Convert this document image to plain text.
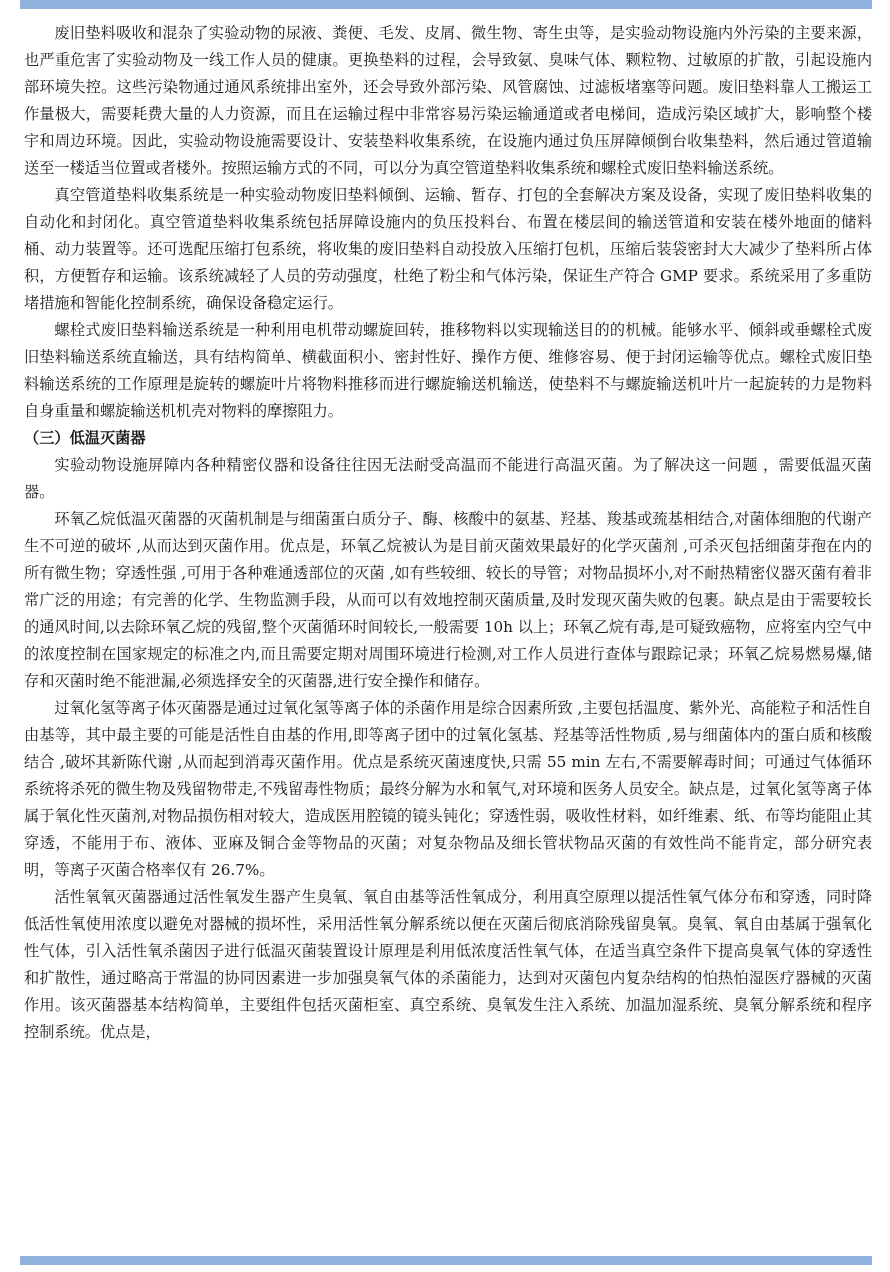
废旧垫料吸收和混杂了实验动物的尿液、粪便、毛发、皮屑、微生物、寄生虫等，是实验动物设施内外污染的主要来源，也严重危害了实验动物及一线工作人员的健康。更换垫料的过程，会导致氨、臭味气体、颗粒物、过敏原的扩散，引起设施内部环境失控。这些污染物通过通风系统排出室外，还会导致外部污染、风管腐蚀、过滤板堵塞等问题。废旧垫料靠人工搬运工作量极大，需要耗费大量的人力资源，而且在运输过程中非常容易污染运输通道或者电梯间，造成污染区域扩大，影响整个楼宇和周边环境。因此，实验动物设施需要设计、安装垫料收集系统，在设施内通过负压屏障倾倒台收集垫料，然后通过管道输送至一楼适当位置或者楼外。按照运输方式的不同，可以分为真空管道垫料收集系统和螺栓式废旧垫料输送系统。

真空管道垫料收集系统是一种实验动物废旧垫料倾倒、运输、暂存、打包的全套解决方案及设备，实现了废旧垫料收集的自动化和封闭化。真空管道垫料收集系统包括屏障设施内的负压投料台、布置在楼层间的输送管道和安装在楼外地面的储料桶、动力装置等。还可选配压缩打包系统，将收集的废旧垫料自动投放入压缩打包机，压缩后装袋密封大大减少了垫料所占体积，方便暂存和运输。该系统减轻了人员的劳动强度，杜绝了粉尘和气体污染，保证生产符合 GMP 要求。系统采用了多重防堵措施和智能化控制系统，确保设备稳定运行。

螺栓式废旧垫料输送系统是一种利用电机带动螺旋回转，推移物料以实现输送目的的机械。能够水平、倾斜或垂螺栓式废旧垫料输送系统直输送，具有结构简单、横截面积小、密封性好、操作方便、维修容易、便于封闭运输等优点。螺栓式废旧垫料输送系统的工作原理是旋转的螺旋叶片将物料推移而进行螺旋输送机输送，使垫料不与螺旋输送机叶片一起旋转的力是物料自身重量和螺旋输送机机壳对物料的摩擦阻力。

（三）低温灭菌器

实验动物设施屏障内各种精密仪器和设备往往因无法耐受高温而不能进行高温灭菌。为了解决这一问题 ，需要低温灭菌器。

环氧乙烷低温灭菌器的灭菌机制是与细菌蛋白质分子、酶、核酸中的氨基、羟基、羧基或巯基相结合,对菌体细胞的代谢产生不可逆的破坏 ,从而达到灭菌作用。优点是，环氧乙烷被认为是目前灭菌效果最好的化学灭菌剂 ,可杀灭包括细菌芽孢在内的所有微生物；穿透性强 ,可用于各种难通透部位的灭菌 ,如有些较细、较长的导管；对物品损坏小,对不耐热精密仪器灭菌有着非常广泛的用途；有完善的化学、生物监测手段，从而可以有效地控制灭菌质量,及时发现灭菌失败的包裹。缺点是由于需要较长的通风时间,以去除环氧乙烷的残留,整个灭菌循环时间较长,一般需要 10h 以上；环氧乙烷有毒,是可疑致癌物，应将室内空气中的浓度控制在国家规定的标准之内,而且需要定期对周围环境进行检测,对工作人员进行查体与跟踪记录；环氧乙烷易燃易爆,储存和灭菌时绝不能泄漏,必须选择安全的灭菌器,进行安全操作和储存。

过氧化氢等离子体灭菌器是通过过氧化氢等离子体的杀菌作用是综合因素所致 ,主要包括温度、紫外光、高能粒子和活性自由基等，其中最主要的可能是活性自由基的作用,即等离子团中的过氧化氢基、羟基等活性物质 ,易与细菌体内的蛋白质和核酸结合 ,破坏其新陈代谢 ,从而起到消毒灭菌作用。优点是系统灭菌速度快,只需 55 min 左右,不需要解毒时间；可通过气体循环系统将杀死的微生物及残留物带走,不残留毒性物质；最终分解为水和氧气,对环境和医务人员安全。缺点是，过氧化氢等离子体属于氧化性灭菌剂,对物品损伤相对较大，造成医用腔镜的镜头钝化；穿透性弱，吸收性材料，如纤维素、纸、布等均能阻止其穿透，不能用于布、液体、亚麻及铜合金等物品的灭菌；对复杂物品及细长管状物品灭菌的有效性尚不能肯定，部分研究表明，等离子灭菌合格率仅有 26.7%。

活性氧氧灭菌器通过活性氧发生器产生臭氧、氧自由基等活性氧成分，利用真空原理以提活性氧气体分布和穿透，同时降低活性氧使用浓度以避免对器械的损坏性，采用活性氧分解系统以便在灭菌后彻底消除残留臭氧。臭氧、氧自由基属于强氧化性气体，引入活性氧杀菌因子进行低温灭菌装置设计原理是利用低浓度活性氧气体，在适当真空条件下提高臭氧气体的穿透性和扩散性，通过略高于常温的协同因素进一步加强臭氧气体的杀菌能力，达到对灭菌包内复杂结构的怕热怕湿医疗器械的灭菌作用。该灭菌器基本结构简单，主要组件包括灭菌柜室、真空系统、臭氧发生注入系统、加温加湿系统、臭氧分解系统和程序控制系统。优点是，
